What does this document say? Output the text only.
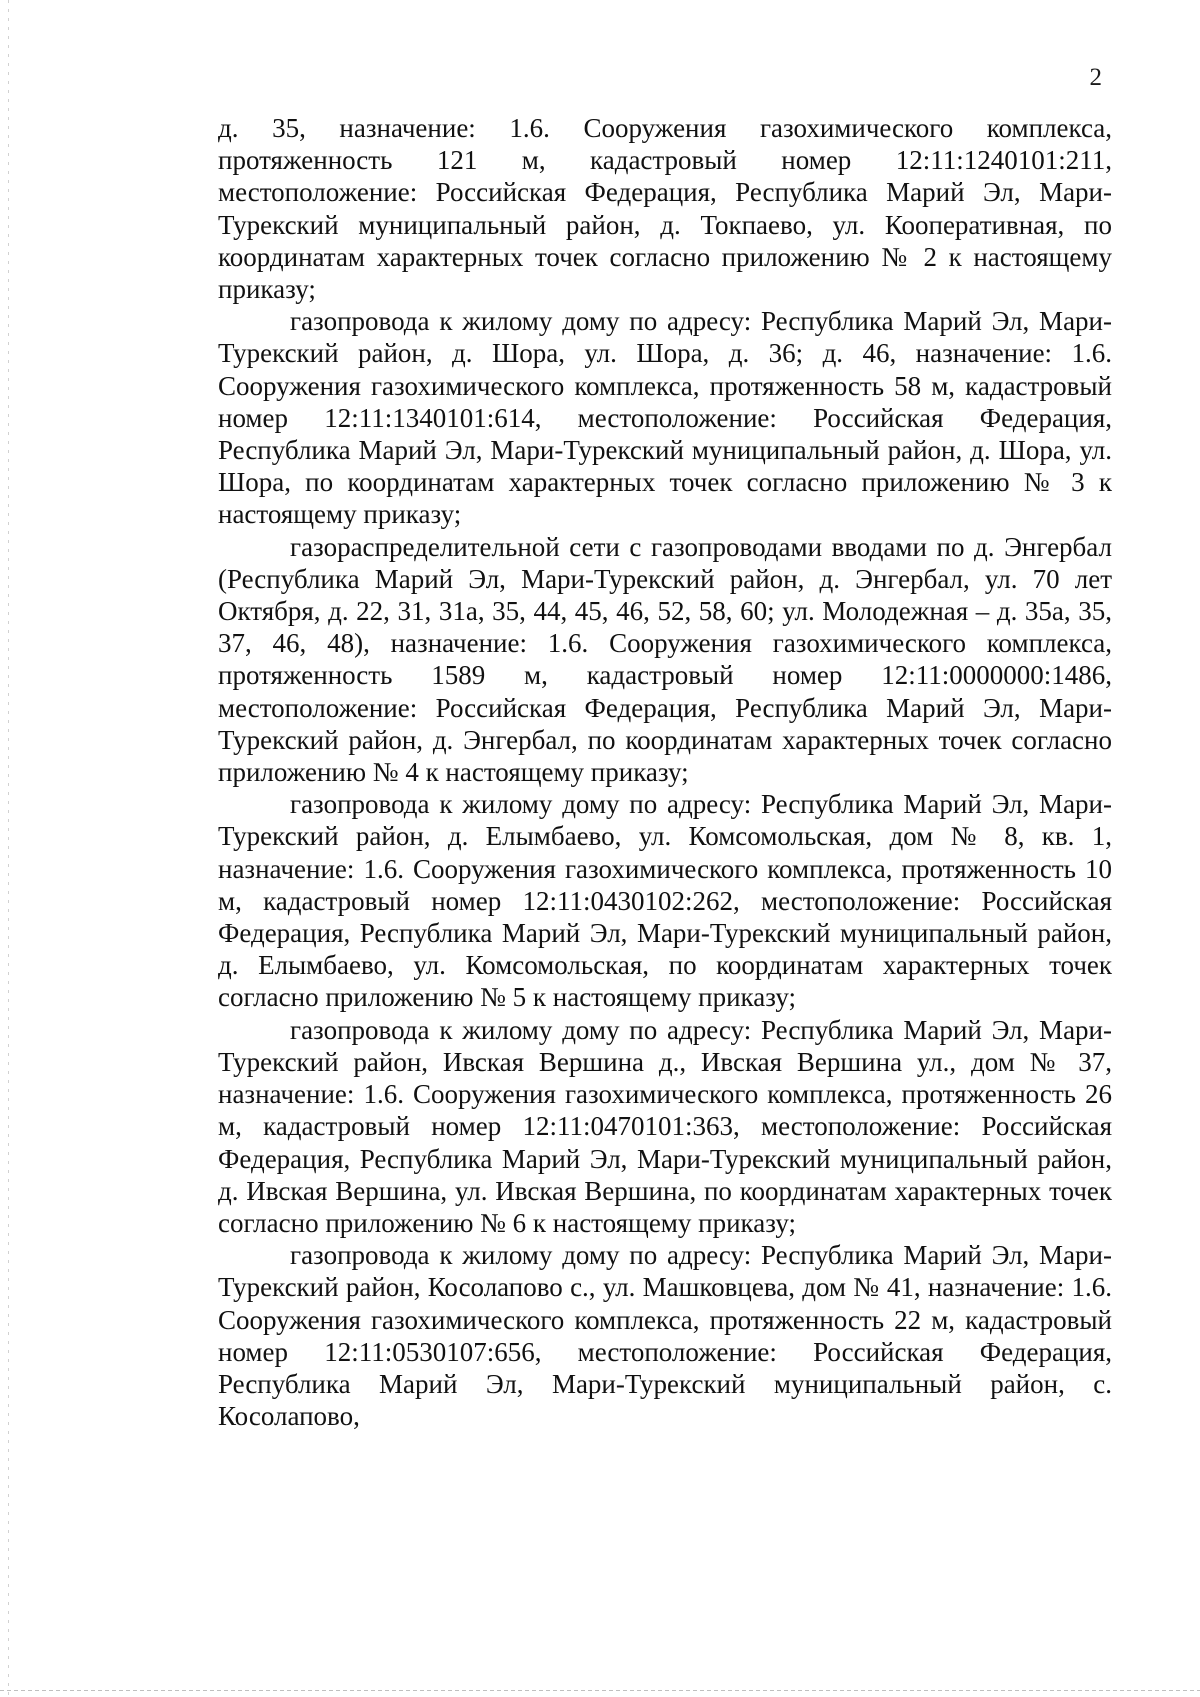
2

д. 35, назначение: 1.6. Сооружения газохимического комплекса, протяженность 121 м, кадастровый номер 12:11:1240101:211, местоположение: Российская Федерация, Республика Марий Эл, Мари-Турекский муниципальный район, д. Токпаево, ул. Кооперативная, по координатам характерных точек согласно приложению № 2 к настоящему приказу;

газопровода к жилому дому по адресу: Республика Марий Эл, Мари-Турекский район, д. Шора, ул. Шора, д. 36; д. 46, назначение: 1.6. Сооружения газохимического комплекса, протяженность 58 м, кадастровый номер 12:11:1340101:614, местоположение: Российская Федерация, Республика Марий Эл, Мари-Турекский муниципальный район, д. Шора, ул. Шора, по координатам характерных точек согласно приложению № 3 к настоящему приказу;

газораспределительной сети с газопроводами вводами по д. Энгербал (Республика Марий Эл, Мари-Турекский район, д. Энгербал, ул. 70 лет Октября, д. 22, 31, 31а, 35, 44, 45, 46, 52, 58, 60; ул. Молодежная – д. 35а, 35, 37, 46, 48), назначение: 1.6. Сооружения газохимического комплекса, протяженность 1589 м, кадастровый номер 12:11:0000000:1486, местоположение: Российская Федерация, Республика Марий Эл, Мари-Турекский район, д. Энгербал, по координатам характерных точек согласно приложению № 4 к настоящему приказу;

газопровода к жилому дому по адресу: Республика Марий Эл, Мари-Турекский район, д. Елымбаево, ул. Комсомольская, дом № 8, кв. 1, назначение: 1.6. Сооружения газохимического комплекса, протяженность 10 м, кадастровый номер 12:11:0430102:262, местоположение: Российская Федерация, Республика Марий Эл, Мари-Турекский муниципальный район, д. Елымбаево, ул. Комсомольская, по координатам характерных точек согласно приложению № 5 к настоящему приказу;

газопровода к жилому дому по адресу: Республика Марий Эл, Мари-Турекский район, Ивская Вершина д., Ивская Вершина ул., дом № 37, назначение: 1.6. Сооружения газохимического комплекса, протяженность 26 м, кадастровый номер 12:11:0470101:363, местоположение: Российская Федерация, Республика Марий Эл, Мари-Турекский муниципальный район, д. Ивская Вершина, ул. Ивская Вершина, по координатам характерных точек согласно приложению № 6 к настоящему приказу;

газопровода к жилому дому по адресу: Республика Марий Эл, Мари-Турекский район, Косолапово с., ул. Машковцева, дом № 41, назначение: 1.6. Сооружения газохимического комплекса, протяженность 22 м, кадастровый номер 12:11:0530107:656, местоположение: Российская Федерация, Республика Марий Эл, Мари-Турекский муниципальный район, с. Косолапово,
